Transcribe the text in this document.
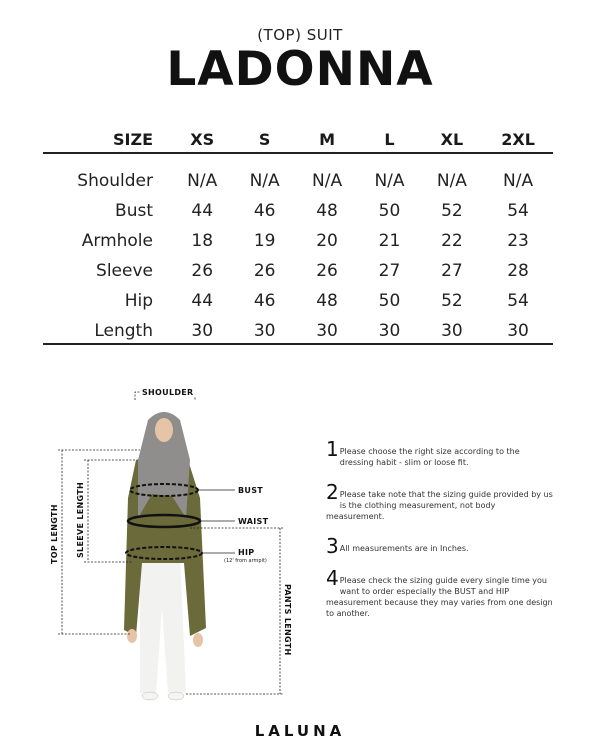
(TOP) SUIT
LADONNA
SIZE	XS	S	M	L	XL	2XL
Shoulder	N/A	N/A	N/A	N/A	N/A	N/A
Bust	44	46	48	50	52	54
Armhole	18	19	20	21	22	23
Sleeve	26	26	26	27	27	28
Hip	44	46	48	50	52	54
Length	30	30	30	30	30	30
SHOULDER
BUST
WAIST
HIP
(12' from armpit)
TOP LENGTH SLEEVE LENGTH
PANTS LENGTH
1 Please choose the right size according to the dressing habit - slim or loose fit.
2 Please take note that the sizing guide provided by us is the clothing measurement, not body measurement.
3 All measurements are in Inches.
4 Please check the sizing guide every single time you want to order especially the BUST and HIP measurement because they may varies from one design to another.
LALUNA
